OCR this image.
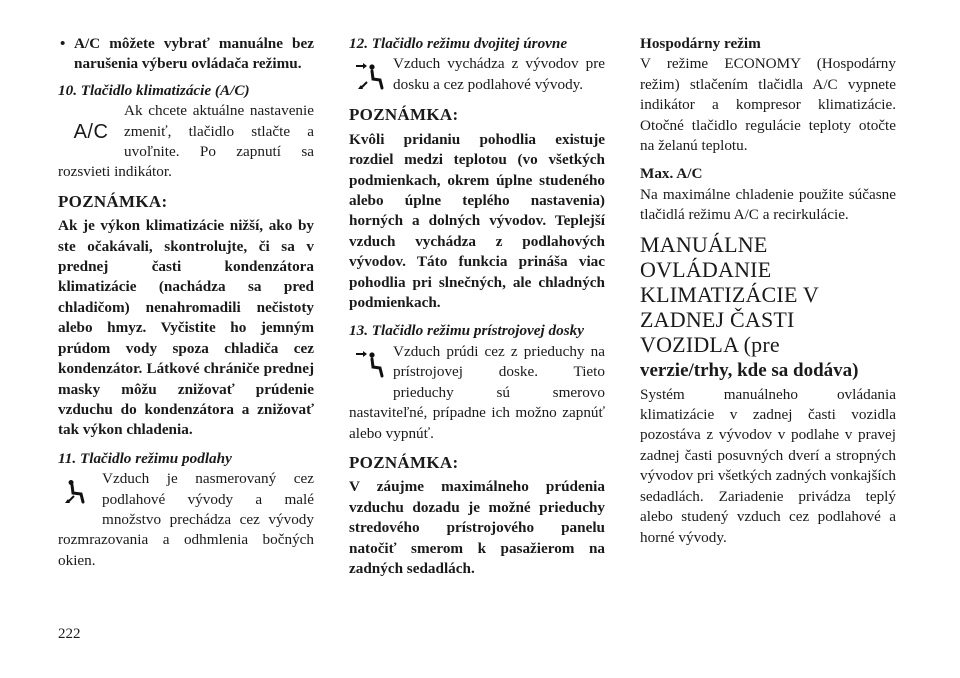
• A/C môžete vybrať manuálne bez narušenia výberu ovládača režimu.

10. Tlačidlo klimatizácie (A/C)

A/C

Ak chcete aktuálne nastavenie zmeniť, tlačidlo stlačte a uvoľnite. Po zapnutí sa rozsvieti indikátor.

POZNÁMKA:

Ak je výkon klimatizácie nižší, ako by ste očakávali, skontrolujte, či sa v prednej časti kondenzátora klimatizácie (nachádza sa pred chladičom) nenahromadili nečistoty alebo hmyz. Vyčistite ho jemným prúdom vody spoza chladiča cez kondenzátor. Látkové chrániče prednej masky môžu znižovať prúdenie vzduchu do kondenzátora a znižovať tak výkon chladenia.

11. Tlačidlo režimu podlahy

Vzduch je nasmerovaný cez podlahové vývody a malé množstvo prechádza cez vývody rozmrazovania a odhmlenia bočných okien.

12. Tlačidlo režimu dvojitej úrovne

Vzduch vychádza z vývodov pre dosku a cez podlahové vývody.

POZNÁMKA:

Kvôli pridaniu pohodlia existuje rozdiel medzi teplotou (vo všetkých podmienkach, okrem úplne studeného alebo úplne teplého nastavenia) horných a dolných vývodov. Teplejší vzduch vychádza z podlahových vývodov. Táto funkcia prináša viac pohodlia pri slnečných, ale chladných podmienkach.

13. Tlačidlo režimu prístrojovej dosky

Vzduch prúdi cez z prieduchy na prístrojovej doske. Tieto prieduchy sú smerovo nastaviteľné, prípadne ich možno zapnúť alebo vypnúť.

POZNÁMKA:

V záujme maximálneho prúdenia vzduchu dozadu je možné prieduchy stredového prístrojového panelu natočiť smerom k pasažierom na zadných sedadlách.

Hospodárny režim

V režime ECONOMY (Hospodárny režim) stlačením tlačidla A/C vypnete indikátor a kompresor klimatizácie. Otočné tlačidlo regulácie teploty otočte na želanú teplotu.

Max. A/C

Na maximálne chladenie použite súčasne tlačidlá režimu A/C a recirkulácie.

MANUÁLNE OVLÁDANIE KLIMATIZÁCIE V ZADNEJ ČASTI VOZIDLA (pre

verzie/trhy, kde sa dodáva)

Systém manuálneho ovládania klimatizácie v zadnej časti vozidla pozostáva z vývodov v podlahe v pravej zadnej časti posuvných dverí a stropných vývodov pri všetkých zadných vonkajších sedadlách. Zariadenie privádza teplý alebo studený vzduch cez podlahové a horné vývody.

222
